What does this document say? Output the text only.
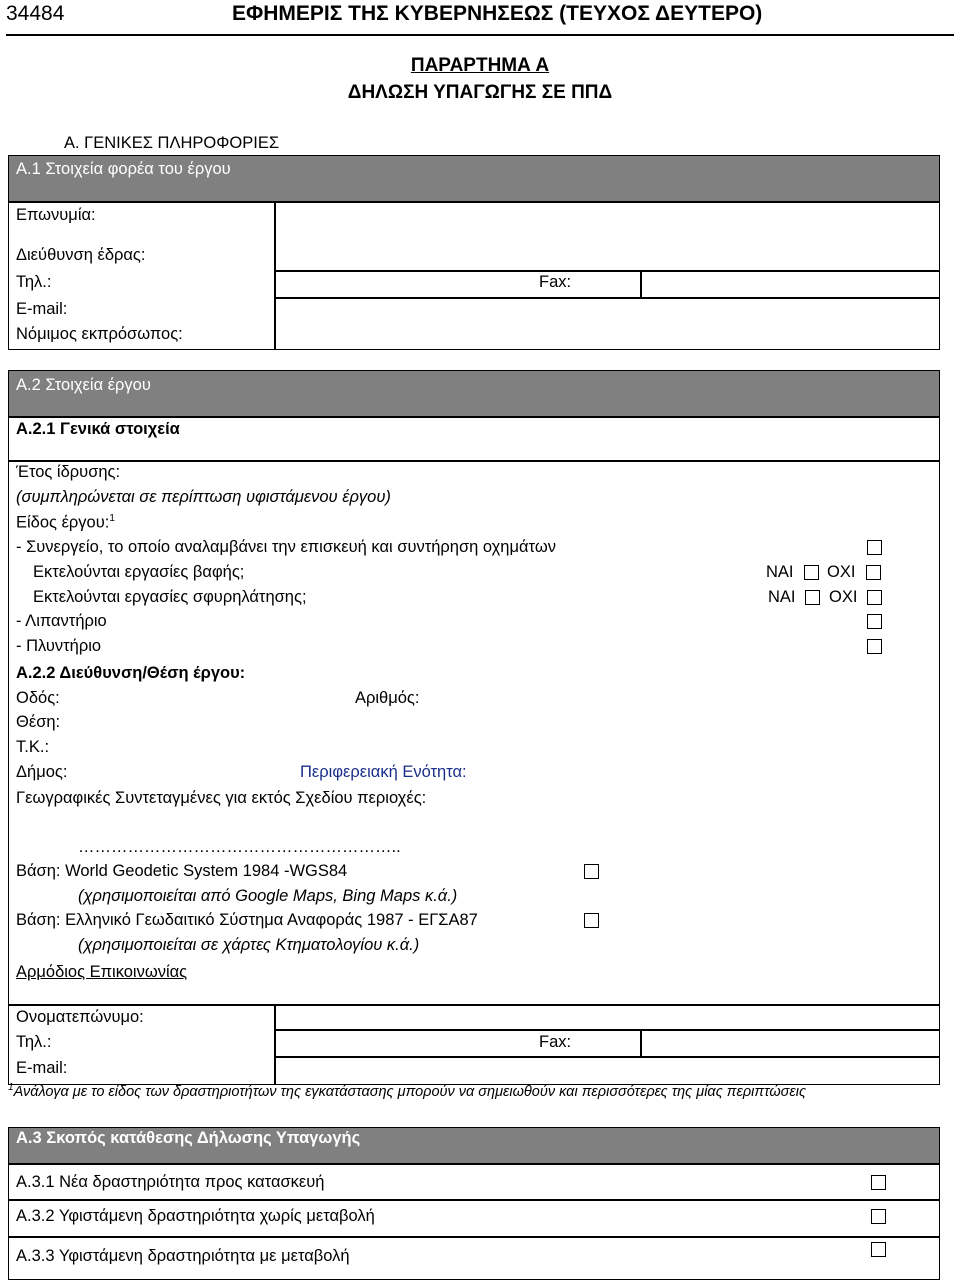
34484	ΕΦΗΜΕΡΙΣ ΤΗΣ ΚΥΒΕΡΝΗΣΕΩΣ (ΤΕΥΧΟΣ ΔΕΥΤΕΡΟ)
ΠΑΡΑΡΤΗΜΑ Α
ΔΗΛΩΣΗ ΥΠΑΓΩΓΗΣ ΣΕ ΠΠΔ
Α. ΓΕΝΙΚΕΣ ΠΛΗΡΟΦΟΡΙΕΣ
Α.1 Στοιχεία φορέα του έργου
Επωνυμία:
Διεύθυνση έδρας:
Τηλ.:	Fax:
E-mail:
Νόμιμος εκπρόσωπος:
Α.2 Στοιχεία έργου
Α.2.1 Γενικά στοιχεία
Έτος ίδρυσης:
(συμπληρώνεται σε περίπτωση υφιστάμενου έργου)
Είδος έργου:$^1$
- Συνεργείο, το οποίο αναλαμβάνει την επισκευή και συντήρηση οχημάτων
Εκτελούνται εργασίες βαφής;	ΝΑΙ ΟΧΙ
Εκτελούνται εργασίες σφυρηλάτησης;	ΝΑΙ ΟΧΙ
- Λιπαντήριο
- Πλυντήριο
Α.2.2 Διεύθυνση/Θέση έργου:
Οδός:	Αριθμός:
Θέση:
Τ.Κ.:
Δήμος:	Περιφερειακή Ενότητα:
Γεωγραφικές Συντεταγμένες για εκτός Σχεδίου περιοχές:
…………………………………………………..
Βάση: World Geodetic System 1984 -WGS84
(χρησιμοποιείται από Google Maps, Bing Maps κ.ά.)
Βάση: Ελληνικό Γεωδαιτικό Σύστημα Αναφοράς 1987 - ΕΓΣΑ87
(χρησιμοποιείται σε χάρτες Κτηματολογίου κ.ά.)
Αρμόδιος Επικοινωνίας
Ονοματεπώνυμο:
Τηλ.:	Fax:
E-mail:
$^1$Ανάλογα με το είδος των δραστηριοτήτων της εγκατάστασης μπορούν να σημειωθούν και περισσότερες της μίας περιπτώσεις
Α.3 Σκοπός κατάθεσης Δήλωσης Υπαγωγής
Α.3.1 Νέα δραστηριότητα προς κατασκευή
Α.3.2 Υφιστάμενη δραστηριότητα χωρίς μεταβολή
Α.3.3 Υφιστάμενη δραστηριότητα με μεταβολή
